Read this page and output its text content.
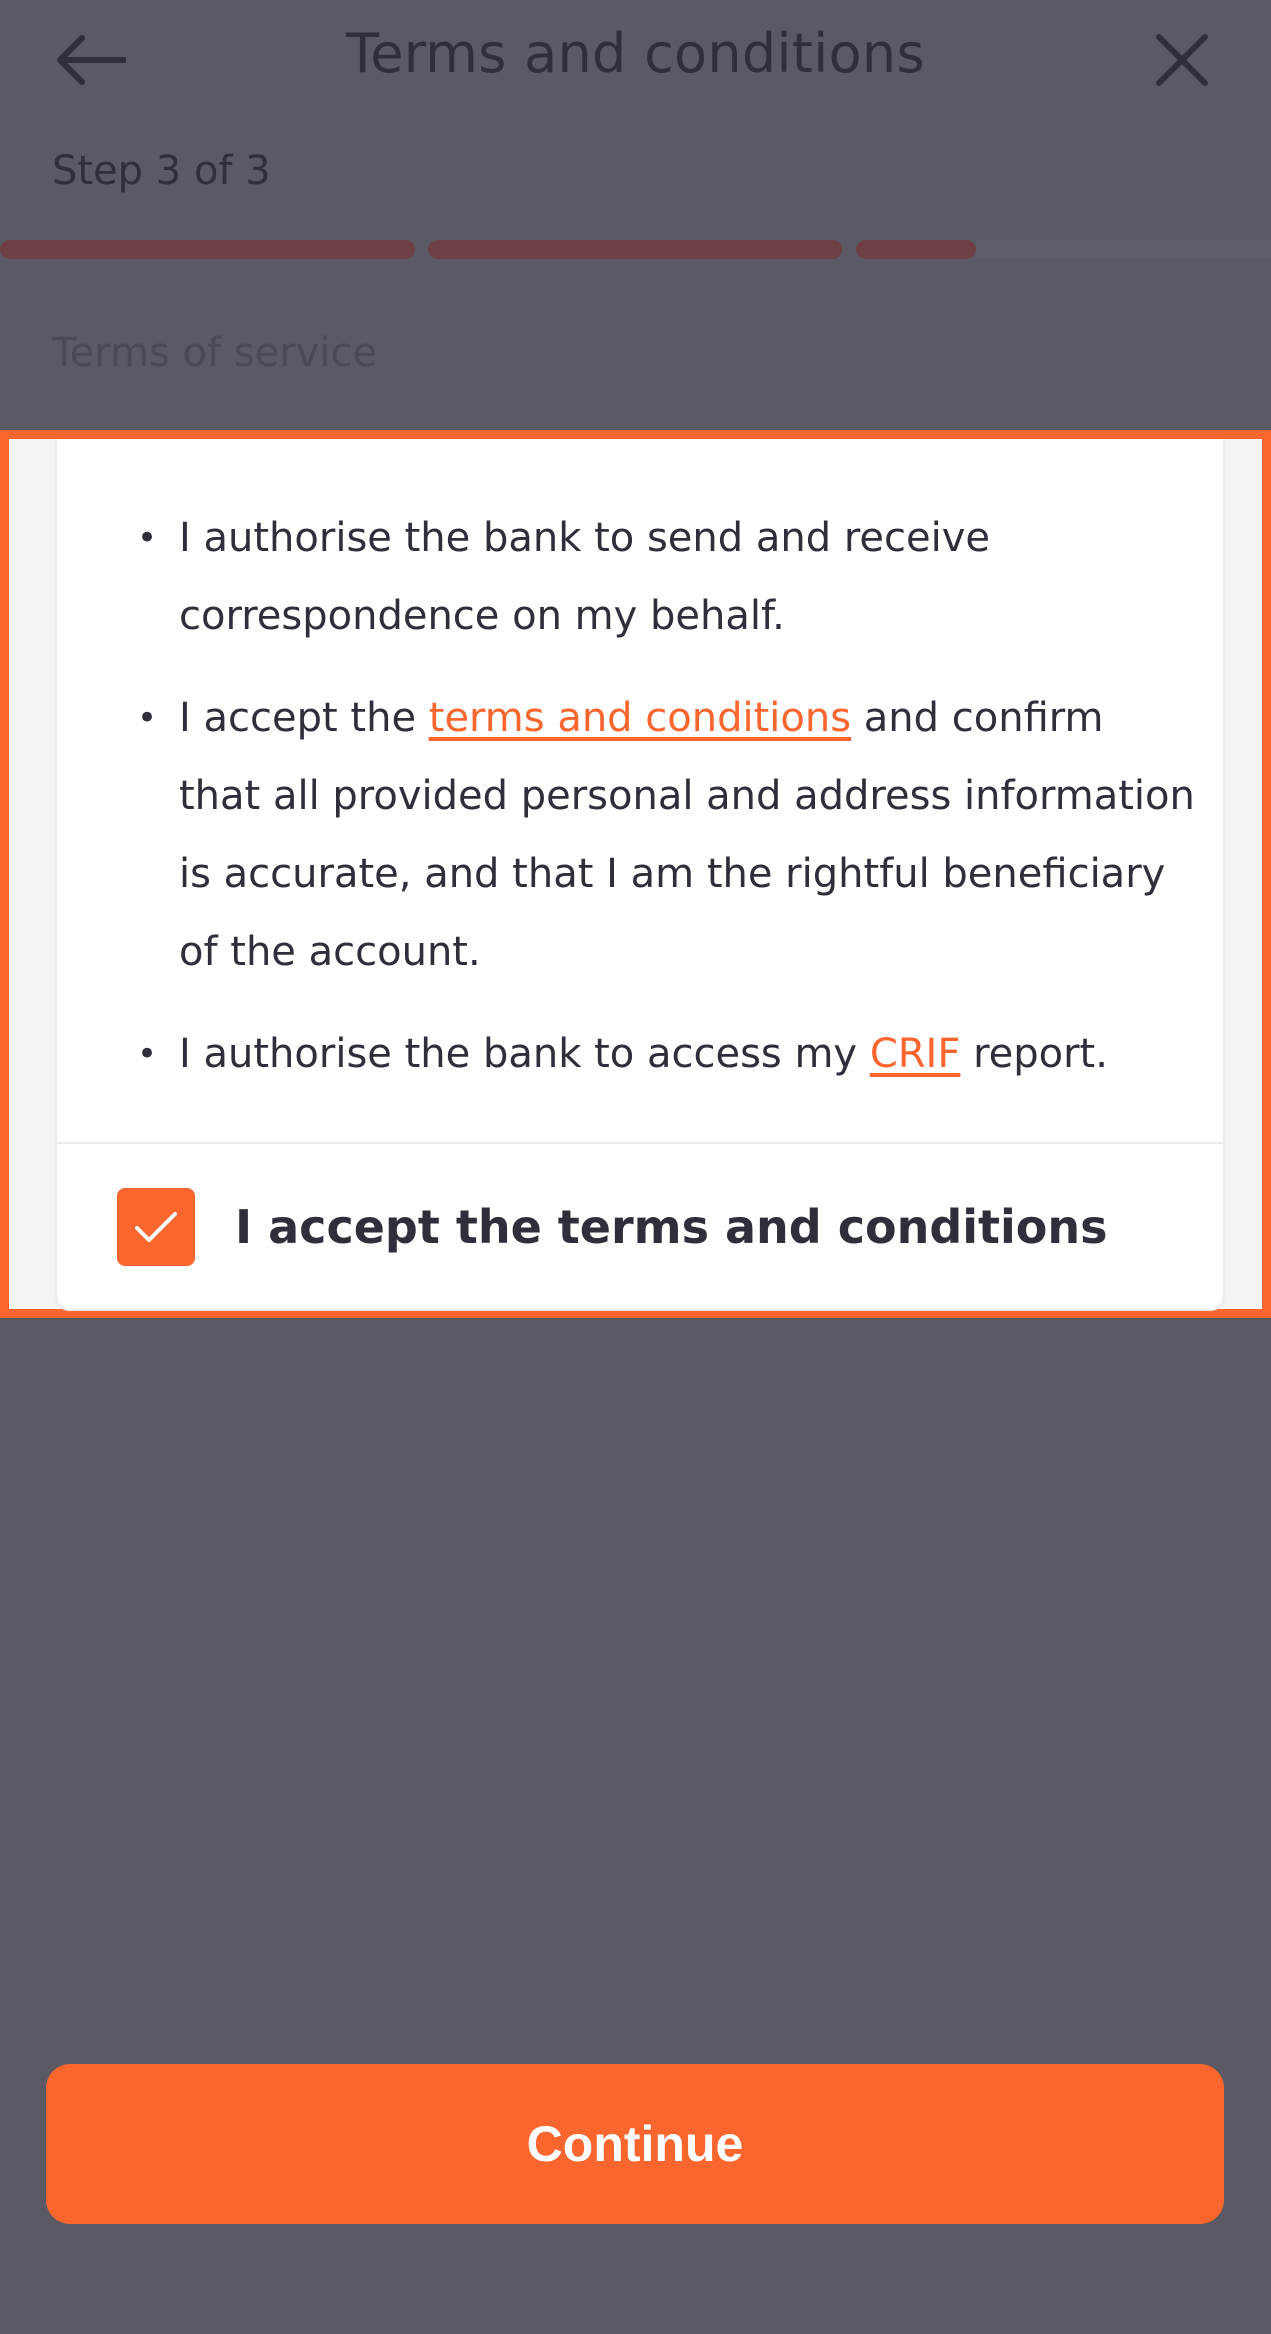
Terms and conditions
Step 3 of 3
Terms of service
• I authorise the bank to send and receive correspondence on my behalf.
• I accept the terms and conditions and confirm that all provided personal and address information is accurate, and that I am the rightful beneficiary of the account.
• I authorise the bank to access my CRIF report.
I accept the terms and conditions
Continue
